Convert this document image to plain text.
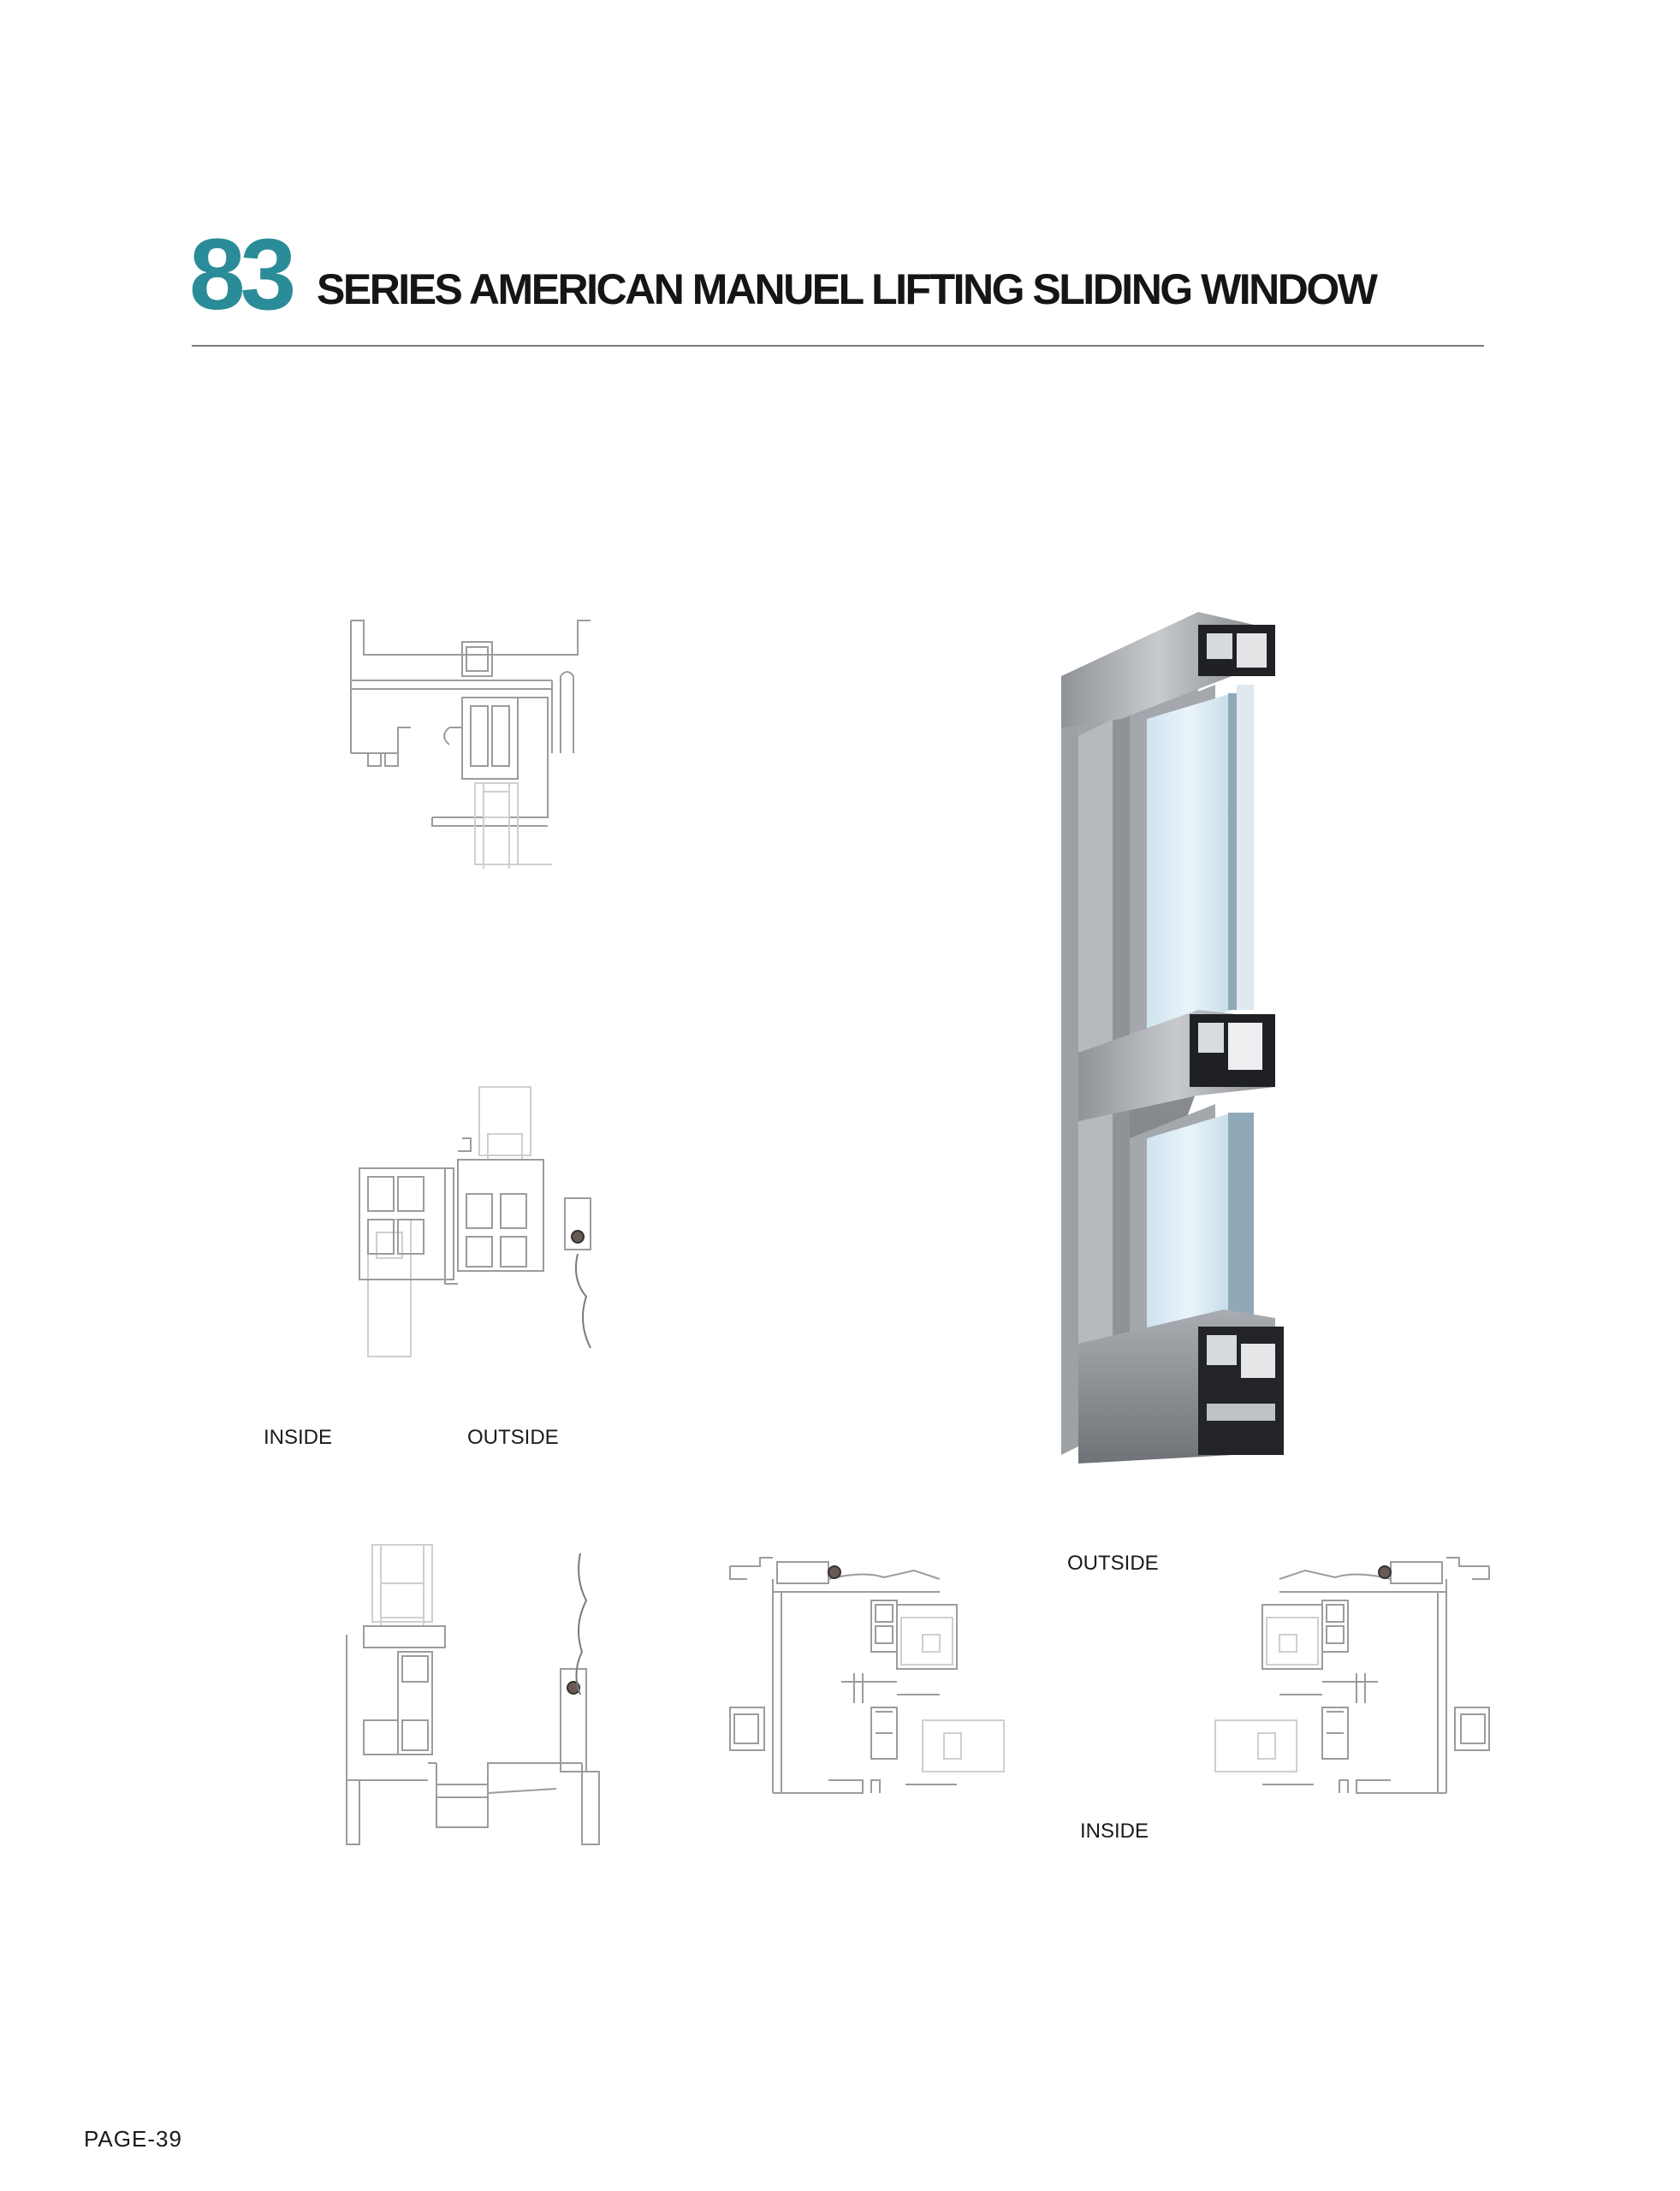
83 SERIES AMERICAN MANUEL LIFTING SLIDING WINDOW
INSIDE	OUTSIDE
OUTSIDE
INSIDE
PAGE-39
